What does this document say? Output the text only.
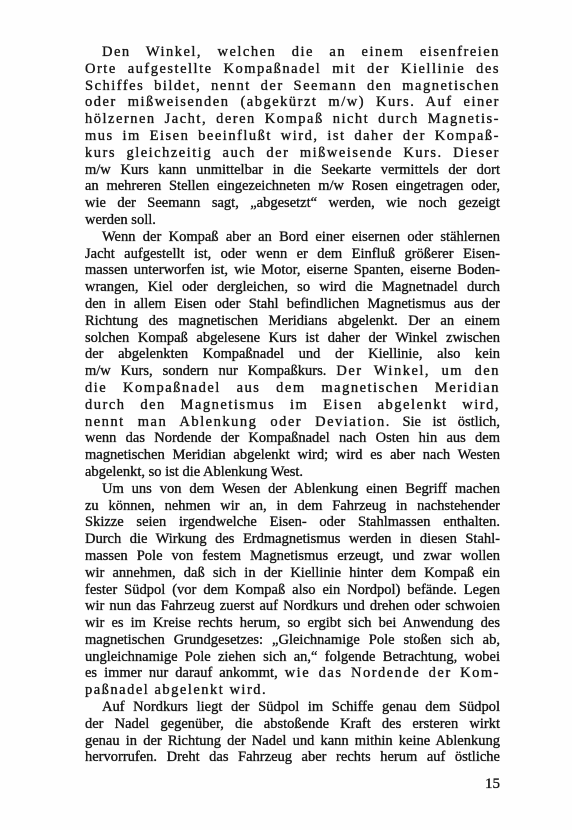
Den Winkel, welchen die an einem eisenfreien
Orte aufgestellte Kompaßnadel mit der Kiellinie des
Schiffes bildet, nennt der Seemann den magnetischen
oder mißweisenden (abgekürzt m/w) Kurs. Auf einer
hölzernen Jacht, deren Kompaß nicht durch Magnetis-
mus im Eisen beeinflußt wird, ist daher der Kompaß-
kurs gleichzeitig auch der mißweisende Kurs. Dieser
m/w Kurs kann unmittelbar in die Seekarte vermittels der dort
an mehreren Stellen eingezeichneten m/w Rosen eingetragen oder,
wie der Seemann sagt, „abgesetzt“ werden, wie noch gezeigt
werden soll.
Wenn der Kompaß aber an Bord einer eisernen oder stählernen
Jacht aufgestellt ist, oder wenn er dem Einfluß größerer Eisen-
massen unterworfen ist, wie Motor, eiserne Spanten, eiserne Boden-
wrangen, Kiel oder dergleichen, so wird die Magnetnadel durch
den in allem Eisen oder Stahl befindlichen Magnetismus aus der
Richtung des magnetischen Meridians abgelenkt. Der an einem
solchen Kompaß abgelesene Kurs ist daher der Winkel zwischen
der abgelenkten Kompaßnadel und der Kiellinie, also kein
m/w Kurs, sondern nur Kompaßkurs. Der Winkel, um den
die Kompaßnadel aus dem magnetischen Meridian
durch den Magnetismus im Eisen abgelenkt wird,
nennt man Ablenkung oder Deviation. Sie ist östlich,
wenn das Nordende der Kompaßnadel nach Osten hin aus dem
magnetischen Meridian abgelenkt wird; wird es aber nach Westen
abgelenkt, so ist die Ablenkung West.
Um uns von dem Wesen der Ablenkung einen Begriff machen
zu können, nehmen wir an, in dem Fahrzeug in nachstehender
Skizze seien irgendwelche Eisen- oder Stahlmassen enthalten.
Durch die Wirkung des Erdmagnetismus werden in diesen Stahl-
massen Pole von festem Magnetismus erzeugt, und zwar wollen
wir annehmen, daß sich in der Kiellinie hinter dem Kompaß ein
fester Südpol (vor dem Kompaß also ein Nordpol) befände. Legen
wir nun das Fahrzeug zuerst auf Nordkurs und drehen oder schwoien
wir es im Kreise rechts herum, so ergibt sich bei Anwendung des
magnetischen Grundgesetzes: „Gleichnamige Pole stoßen sich ab,
ungleichnamige Pole ziehen sich an,“ folgende Betrachtung, wobei
es immer nur darauf ankommt, wie das Nordende der Kom-
paßnadel abgelenkt wird.
Auf Nordkurs liegt der Südpol im Schiffe genau dem Südpol
der Nadel gegenüber, die abstoßende Kraft des ersteren wirkt
genau in der Richtung der Nadel und kann mithin keine Ablenkung
hervorrufen. Dreht das Fahrzeug aber rechts herum auf östliche
15
